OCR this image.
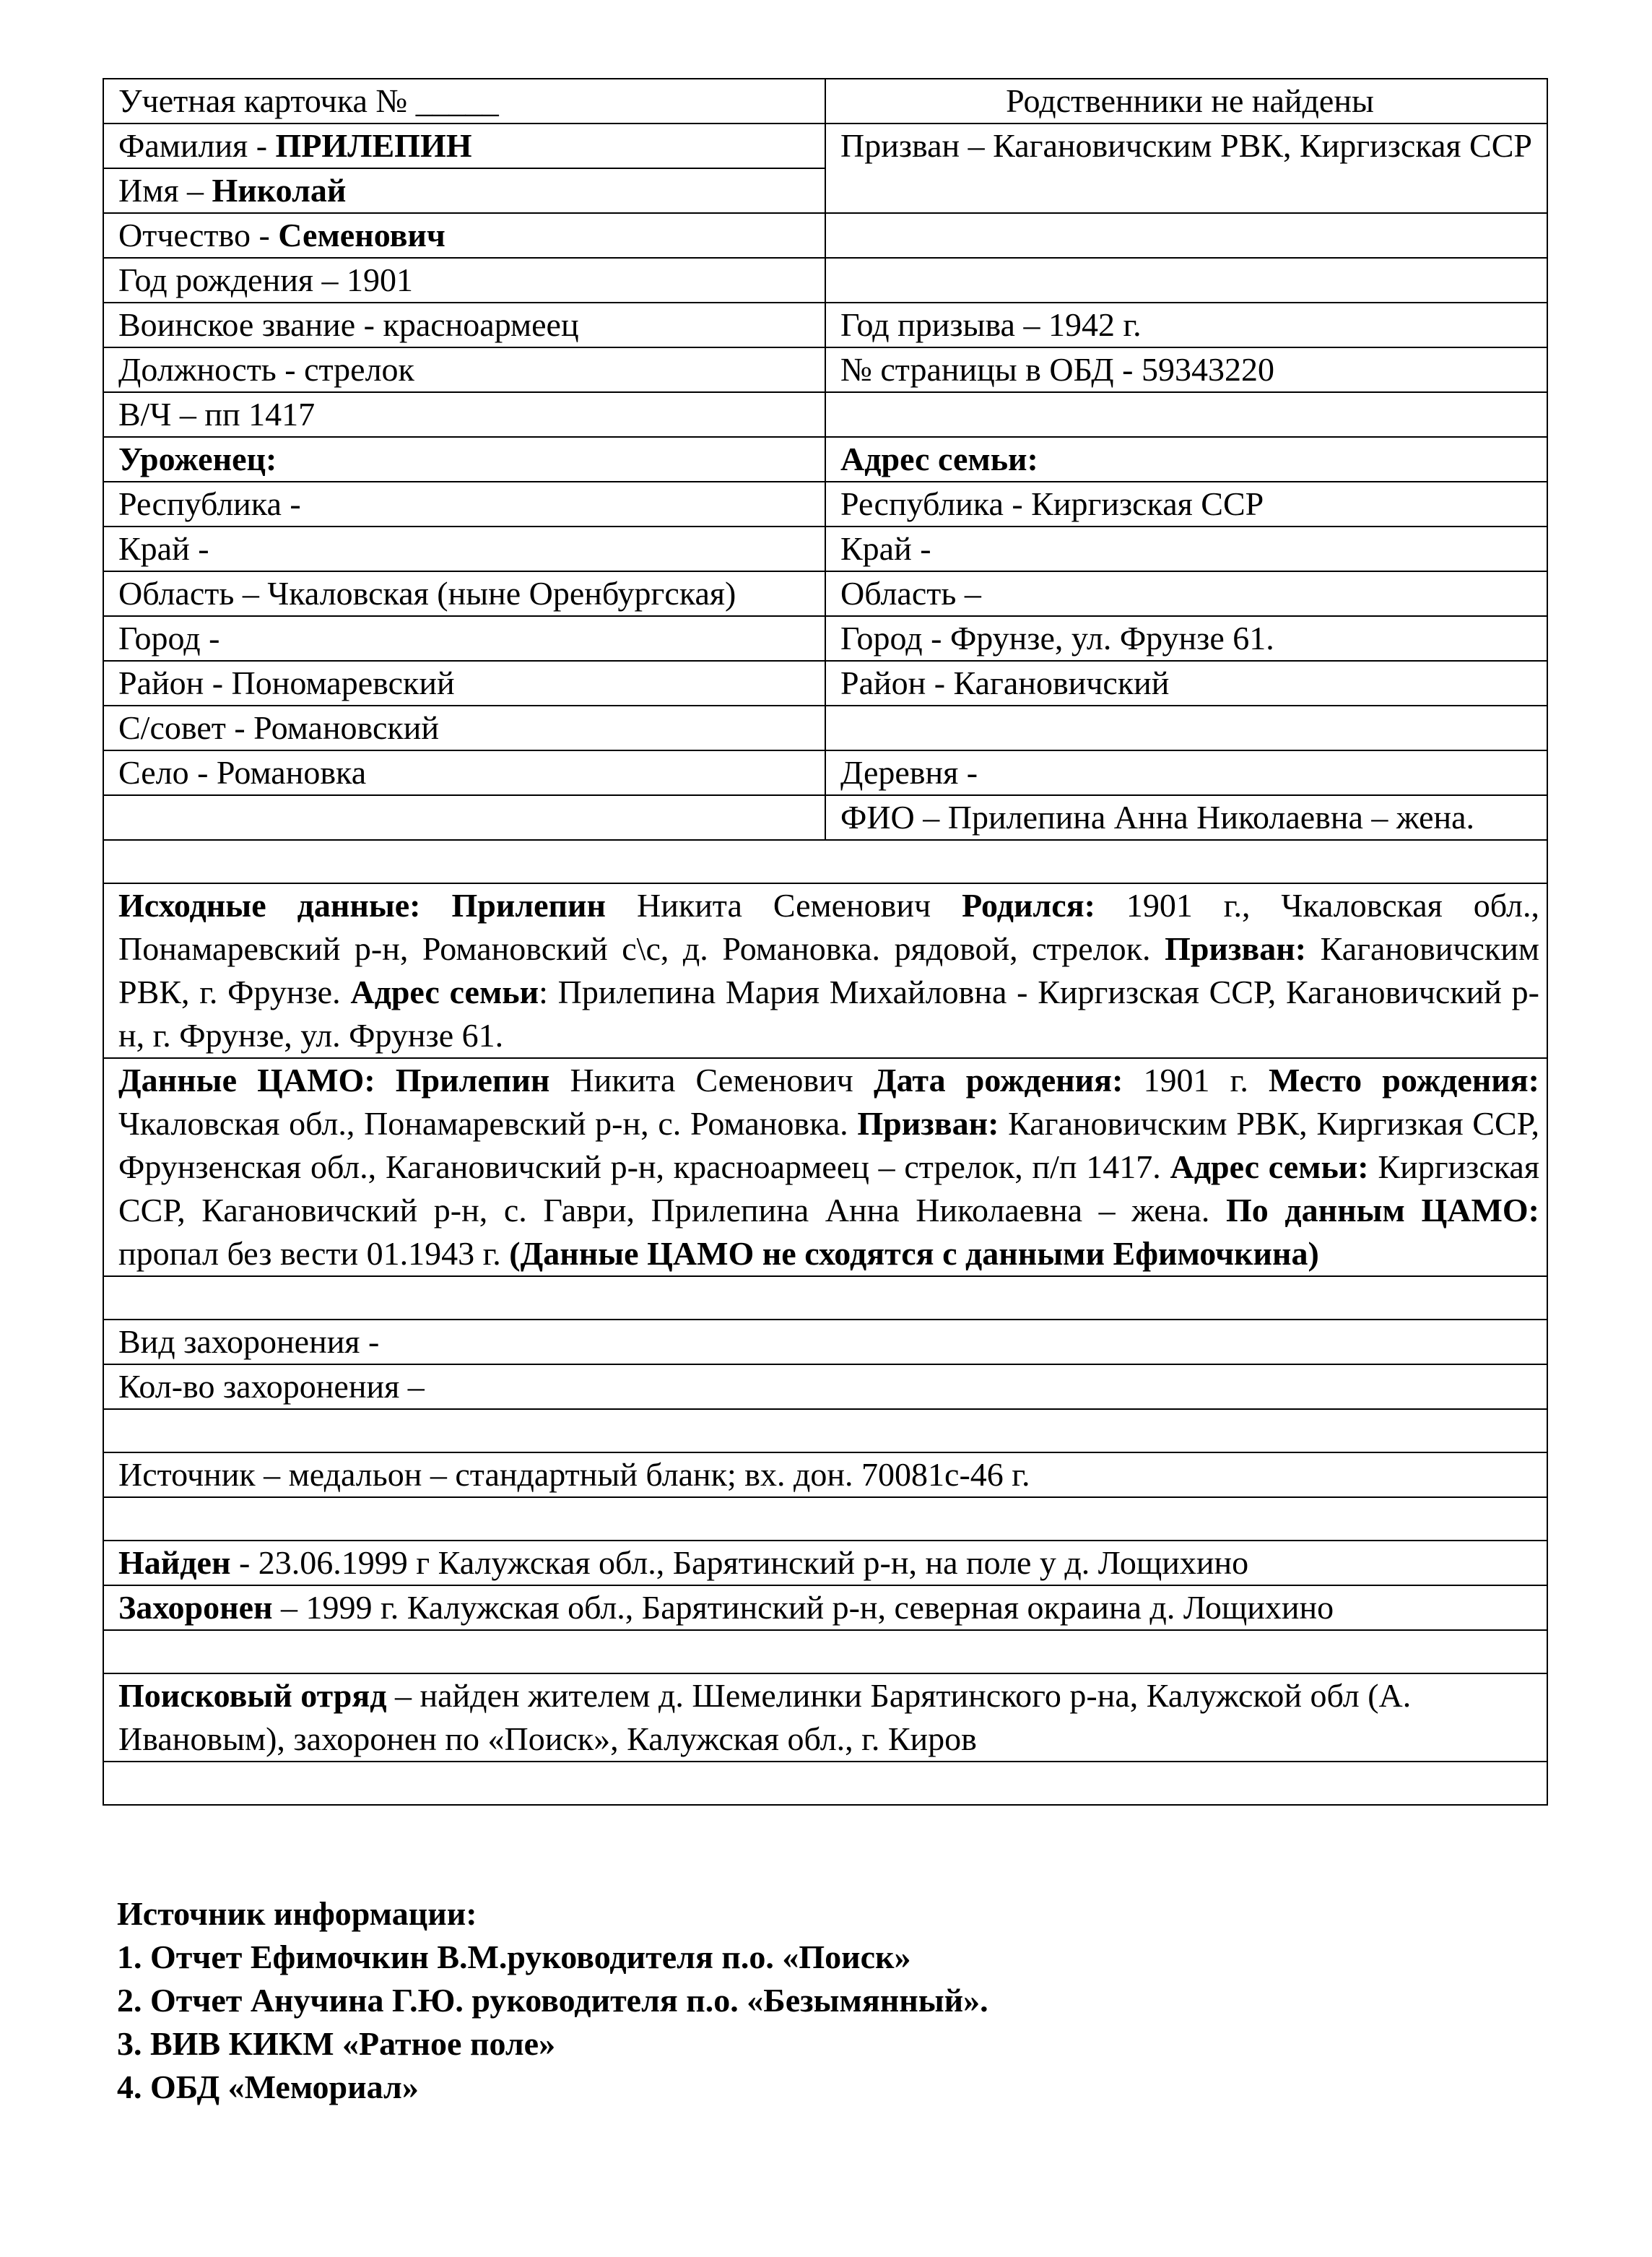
Учетная карточка № _____	Родственники не найдены
Фамилия - ПРИЛЕПИН	Призван – Кагановичским РВК, Киргизская ССР
Имя – Николай	
Отчество - Семенович	
Год рождения – 1901	
Воинское звание - красноармеец	Год призыва – 1942 г.
Должность - стрелок	№ страницы в ОБД - 59343220
В/Ч – пп 1417	
Уроженец:	Адрес семьи:
Республика -	Республика - Киргизская ССР
Край -	Край -
Область – Чкаловская (ныне Оренбургская)	Область –
Город -	Город - Фрунзе, ул. Фрунзе 61.
Район - Пономаревский	Район - Кагановичский
С/совет - Романовский	
Село - Романовка	Деревня -
	ФИО – Прилепина Анна Николаевна – жена.

Исходные данные: Прилепин Никита Семенович Родился: 1901 г., Чкаловская обл., Понамаревский р-н, Романовский с\с, д. Романовка. рядовой, стрелок. Призван: Кагановичским РВК, г. Фрунзе. Адрес семьи: Прилепина Мария Михайловна - Киргизская ССР, Кагановичский р-н, г. Фрунзе, ул. Фрунзе 61.	
Данные ЦАМО: Прилепин Никита Семенович Дата рождения: 1901 г. Место рождения: Чкаловская обл., Понамаревский р-н, с. Романовка. Призван: Кагановичским РВК, Киргизкая ССР, Фрунзенская обл., Кагановичский р-н, красноармеец – стрелок, п/п 1417. Адрес семьи: Киргизская ССР, Кагановичский р-н, с. Гаври, Прилепина Анна Николаевна – жена. По данным ЦАМО: пропал без вести 01.1943 г. (Данные ЦАМО не сходятся с данными Ефимочкина)	

Вид захоронения -	
Кол-во захоронения –	

Источник – медальон – стандартный бланк; вх. дон. 70081с-46 г.	

Найден - 23.06.1999 г Калужская обл., Барятинский р-н, на поле у д. Лощихино	
Захоронен – 1999 г. Калужская обл., Барятинский р-н, северная окраина д. Лощихино	

Поисковый отряд – найден жителем д. Шемелинки Барятинского р-на, Калужской обл (А. Ивановым), захоронен по «Поиск», Калужская обл., г. Киров	

Источник информации:
1. Отчет Ефимочкин В.М.руководителя п.о. «Поиск»
2. Отчет Анучина Г.Ю. руководителя п.о. «Безымянный».
3. ВИВ КИКМ «Ратное поле»
4. ОБД «Мемориал»
